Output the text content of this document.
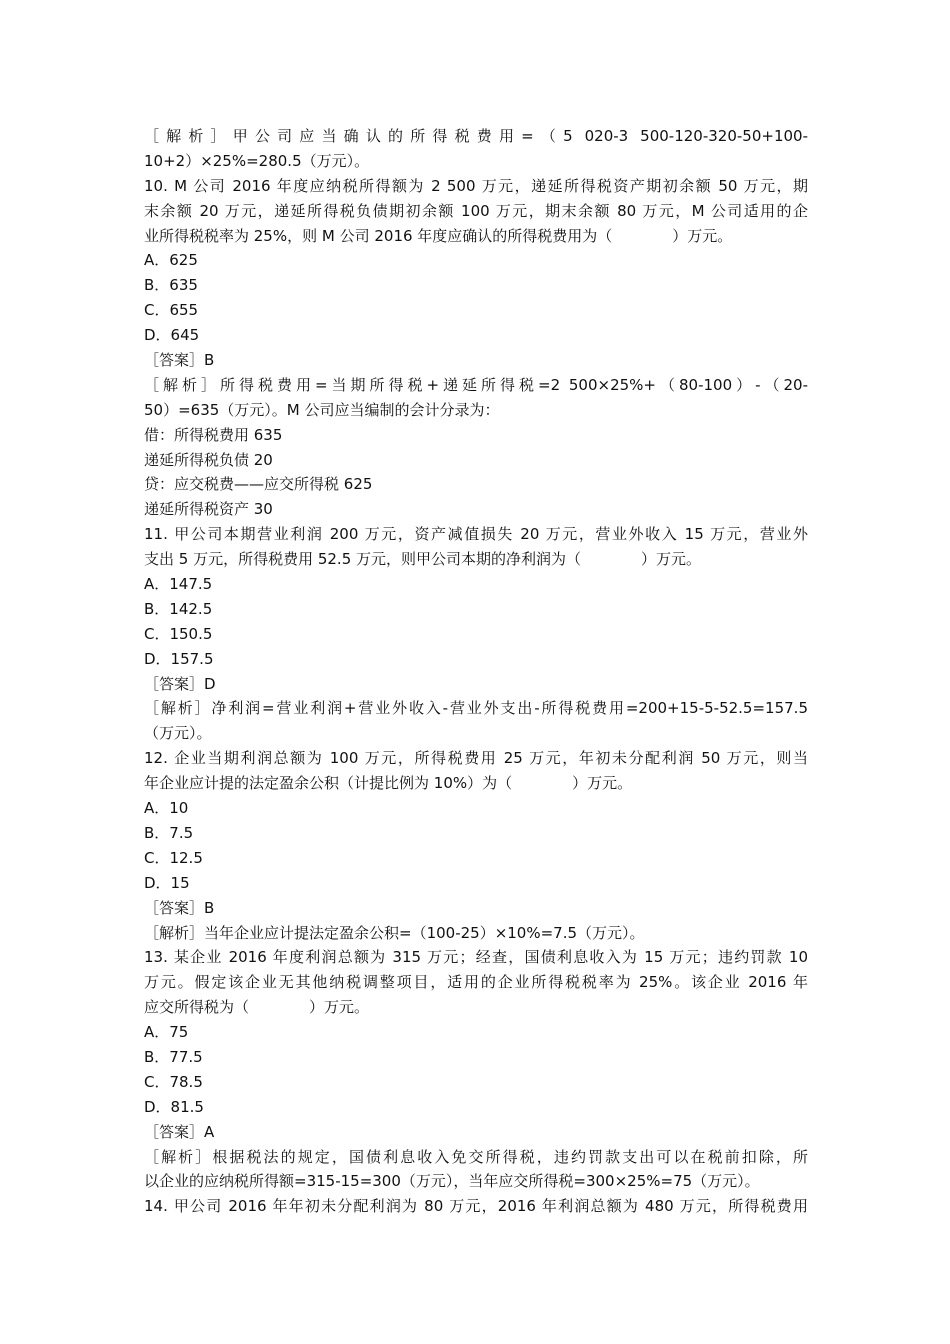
［解析］甲公司应当确认的所得税费用=（5 020-3 500-120-320-50+100-
10+2）×25%=280.5（万元）。
10. M 公司 2016 年度应纳税所得额为 2 500 万元，递延所得税资产期初余额 50 万元，期
末余额 20 万元，递延所得税负债期初余额 100 万元，期末余额 80 万元，M 公司适用的企
业所得税税率为 25%，则 M 公司 2016 年度应确认的所得税费用为（　　　　）万元。
A．625
B．635
C．655
D．645
［答案］B
［解析］所得税费用=当期所得税+递延所得税=2 500×25%+（80-100）-（20-
50）=635（万元）。M 公司应当编制的会计分录为：
借：所得税费用 635
递延所得税负债 20
贷：应交税费——应交所得税 625
递延所得税资产 30
11. 甲公司本期营业利润 200 万元，资产减值损失 20 万元，营业外收入 15 万元，营业外
支出 5 万元，所得税费用 52.5 万元，则甲公司本期的净利润为（　　　　）万元。
A．147.5
B．142.5
C．150.5
D．157.5
［答案］D
［解析］净利润=营业利润+营业外收入-营业外支出-所得税费用=200+15-5-52.5=157.5
（万元）。
12. 企业当期利润总额为 100 万元，所得税费用 25 万元，年初未分配利润 50 万元，则当
年企业应计提的法定盈余公积（计提比例为 10%）为（　　　　）万元。
A．10
B．7.5
C．12.5
D．15
［答案］B
［解析］当年企业应计提法定盈余公积=（100-25）×10%=7.5（万元）。
13. 某企业 2016 年度利润总额为 315 万元；经查，国债利息收入为 15 万元；违约罚款 10
万元。假定该企业无其他纳税调整项目，适用的企业所得税税率为 25%。该企业 2016 年
应交所得税为（　　　　）万元。
A．75
B．77.5
C．78.5
D．81.5
［答案］A
［解析］根据税法的规定，国债利息收入免交所得税，违约罚款支出可以在税前扣除，所
以企业的应纳税所得额=315-15=300（万元），当年应交所得税=300×25%=75（万元）。
14. 甲公司 2016 年年初未分配利润为 80 万元，2016 年利润总额为 480 万元，所得税费用
